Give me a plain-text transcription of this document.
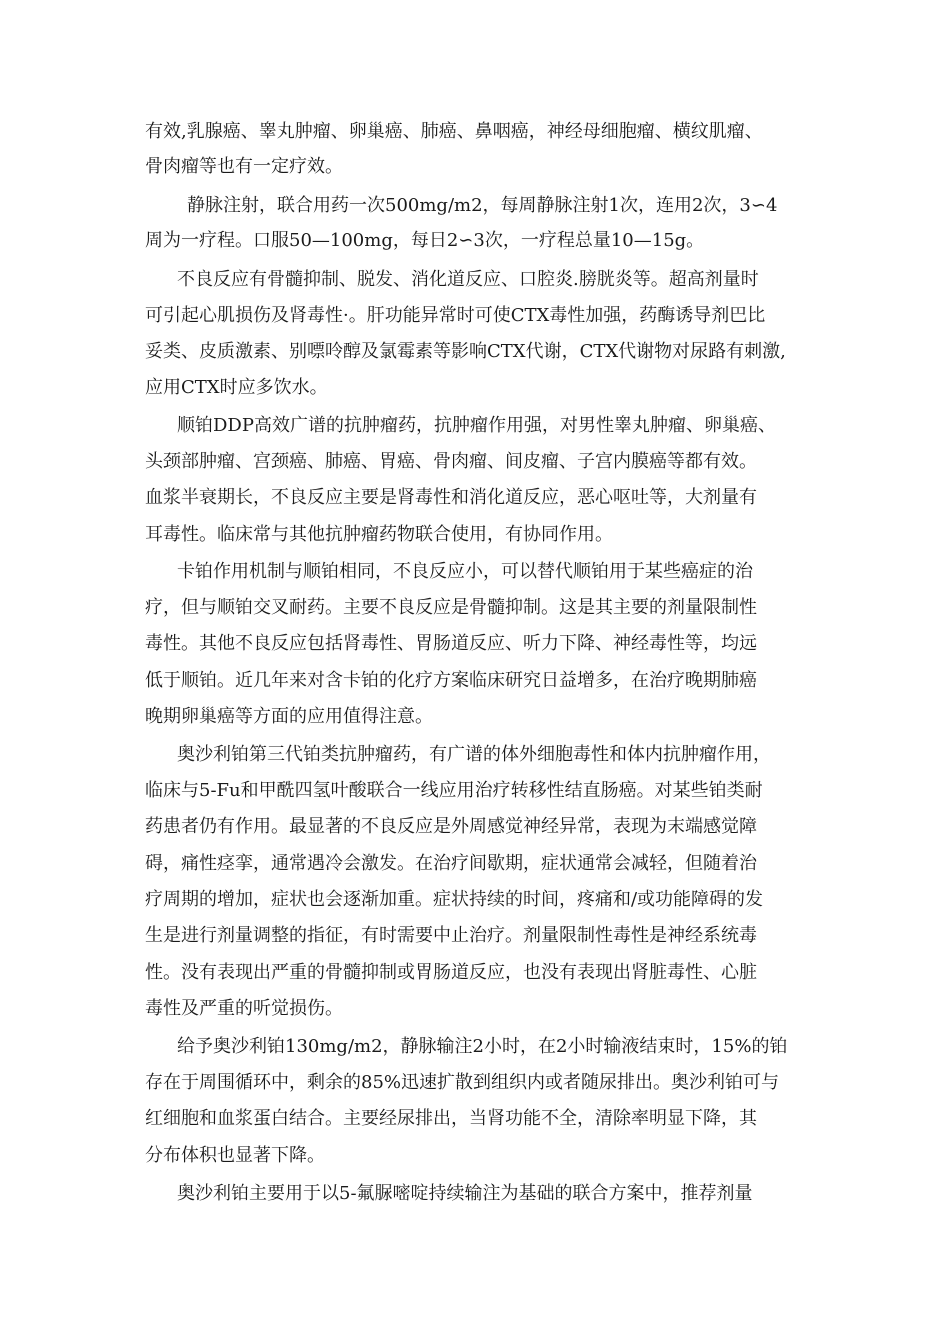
有效,乳腺癌、睾丸肿瘤、卵巢癌、肺癌、鼻咽癌，神经母细胞瘤、横纹肌瘤、

骨肉瘤等也有一定疗效。

静脉注射，联合用药一次500mg/m2，每周静脉注射1次，连用2次，3∽4

周为一疗程。口服50—100mg，每日2∽3次，一疗程总量10—15g。

不良反应有骨髓抑制、脱发、消化道反应、口腔炎.膀胱炎等。超高剂量时

可引起心肌损伤及肾毒性·。肝功能异常时可使CTX毒性加强，药酶诱导剂巴比

妥类、皮质激素、别嘌呤醇及氯霉素等影响CTX代谢，CTX代谢物对尿路有刺激,

应用CTX时应多饮水。

顺铂DDP高效广谱的抗肿瘤药，抗肿瘤作用强，对男性睾丸肿瘤、卵巢癌、

头颈部肿瘤、宫颈癌、肺癌、胃癌、骨肉瘤、间皮瘤、子宫内膜癌等都有效。

血浆半衰期长，不良反应主要是肾毒性和消化道反应，恶心呕吐等，大剂量有

耳毒性。临床常与其他抗肿瘤药物联合使用，有协同作用。

卡铂作用机制与顺铂相同，不良反应小，可以替代顺铂用于某些癌症的治

疗，但与顺铂交叉耐药。主要不良反应是骨髓抑制。这是其主要的剂量限制性

毒性。其他不良反应包括肾毒性、胃肠道反应、听力下降、神经毒性等，均远

低于顺铂。近几年来对含卡铂的化疗方案临床研究日益增多，在治疗晚期肺癌

晚期卵巢癌等方面的应用值得注意。

奥沙利铂第三代铂类抗肿瘤药，有广谱的体外细胞毒性和体内抗肿瘤作用，

临床与5-Fu和甲酰四氢叶酸联合一线应用治疗转移性结直肠癌。对某些铂类耐

药患者仍有作用。最显著的不良反应是外周感觉神经异常，表现为末端感觉障

碍，痛性痉挛，通常遇冷会激发。在治疗间歇期，症状通常会减轻，但随着治

疗周期的增加，症状也会逐渐加重。症状持续的时间，疼痛和/或功能障碍的发

生是进行剂量调整的指征，有时需要中止治疗。剂量限制性毒性是神经系统毒

性。没有表现出严重的骨髓抑制或胃肠道反应，也没有表现出肾脏毒性、心脏

毒性及严重的听觉损伤。

给予奥沙利铂130mg/m2，静脉输注2小时，在2小时输液结束时，15%的铂

存在于周围循环中，剩余的85%迅速扩散到组织内或者随尿排出。奥沙利铂可与

红细胞和血浆蛋白结合。主要经尿排出，当肾功能不全，清除率明显下降，其

分布体积也显著下降。

奥沙利铂主要用于以5-氟脲嘧啶持续输注为基础的联合方案中，推荐剂量
